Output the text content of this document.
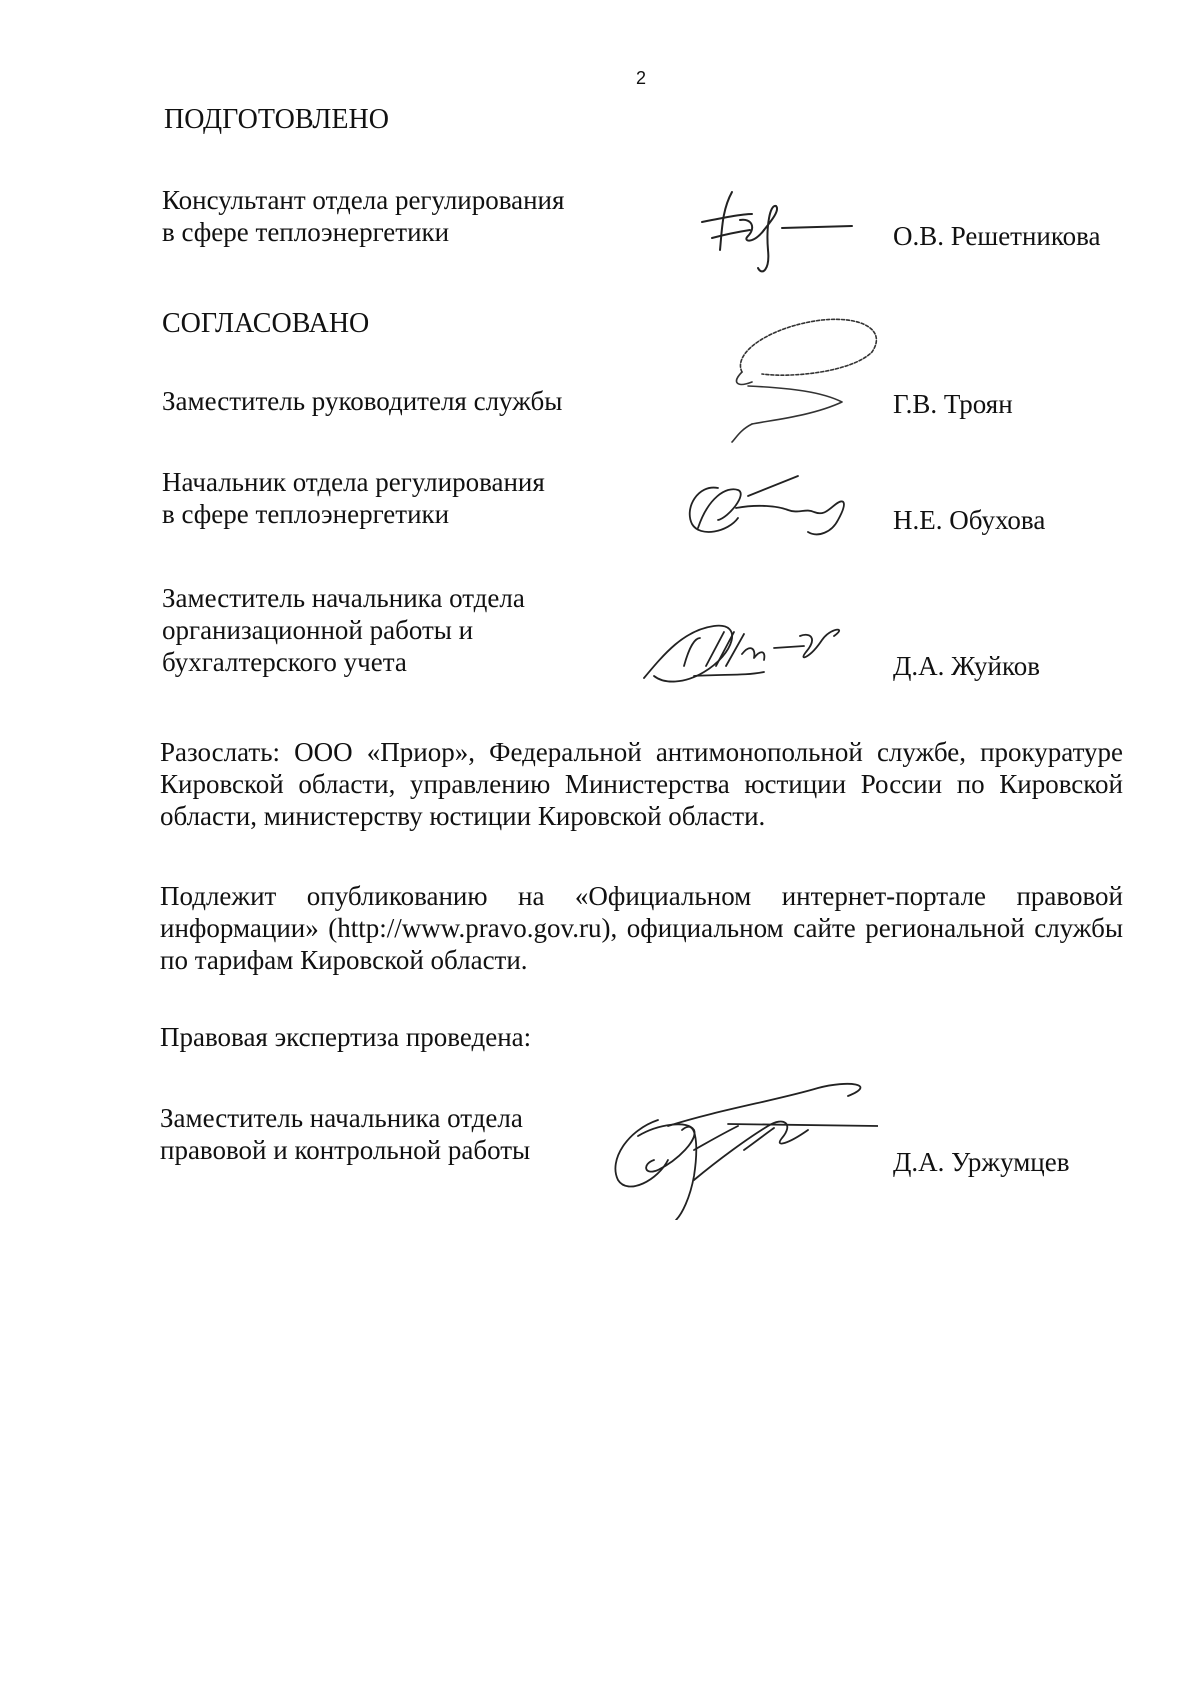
2
ПОДГОТОВЛЕНО
Консультант отдела регулирования
в сфере теплоэнергетики	О.В. Решетникова
СОГЛАСОВАНО
Заместитель руководителя службы	Г.В. Троян
Начальник отдела регулирования
в сфере теплоэнергетики	Н.Е. Обухова
Заместитель начальника отдела
организационной работы и
бухгалтерского учета	Д.А. Жуйков
Разослать: ООО «Приор», Федеральной антимонопольной службе, прокуратуре Кировской области, управлению Министерства юстиции России по Кировской области, министерству юстиции Кировской области.
Подлежит опубликованию на «Официальном интернет-портале правовой информации» (http://www.pravo.gov.ru), официальном сайте региональной службы по тарифам Кировской области.
Правовая экспертиза проведена:
Заместитель начальника отдела
правовой и контрольной работы	Д.А. Уржумцев
